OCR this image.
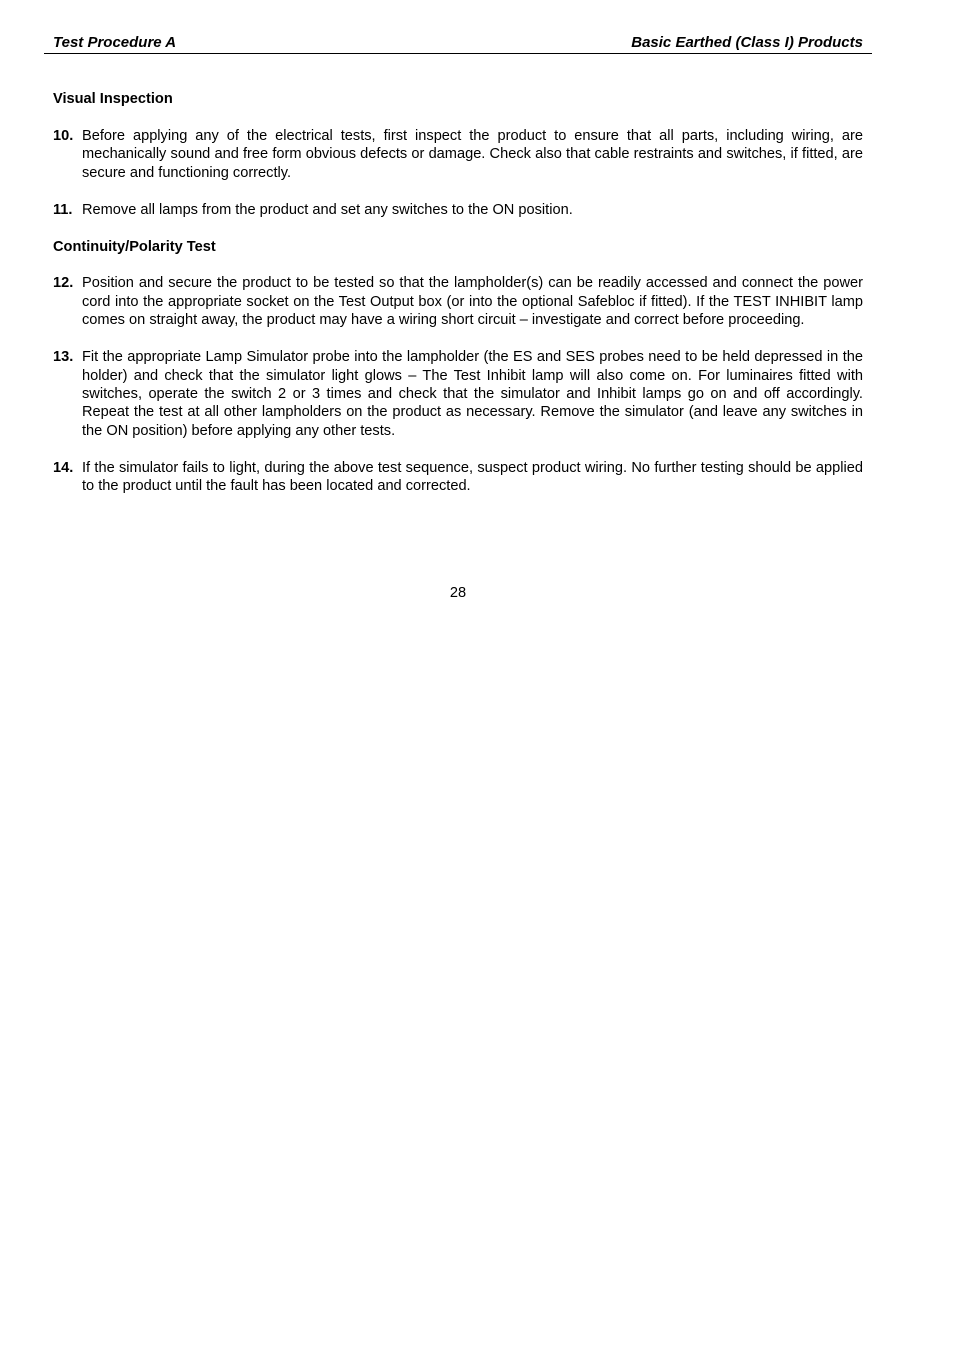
Test Procedure A	Basic Earthed (Class I) Products
Visual Inspection
10. Before applying any of the electrical tests, first inspect the product to ensure that all parts, including wiring, are mechanically sound and free form obvious defects or damage. Check also that cable restraints and switches, if fitted, are secure and functioning correctly.
11. Remove all lamps from the product and set any switches to the ON position.
Continuity/Polarity Test
12. Position and secure the product to be tested so that the lampholder(s) can be readily accessed and connect the power cord into the appropriate socket on the Test Output box (or into the optional Safebloc if fitted). If the TEST INHIBIT lamp comes on straight away, the product may have a wiring short circuit – investigate and correct before proceeding.
13. Fit the appropriate Lamp Simulator probe into the lampholder (the ES and SES probes need to be held depressed in the holder) and check that the simulator light glows – The Test Inhibit lamp will also come on. For luminaires fitted with switches, operate the switch 2 or 3 times and check that the simulator and Inhibit lamps go on and off accordingly. Repeat the test at all other lampholders on the product as necessary. Remove the simulator (and leave any switches in the ON position) before applying any other tests.
14. If the simulator fails to light, during the above test sequence, suspect product wiring. No further testing should be applied to the product until the fault has been located and corrected.
28
